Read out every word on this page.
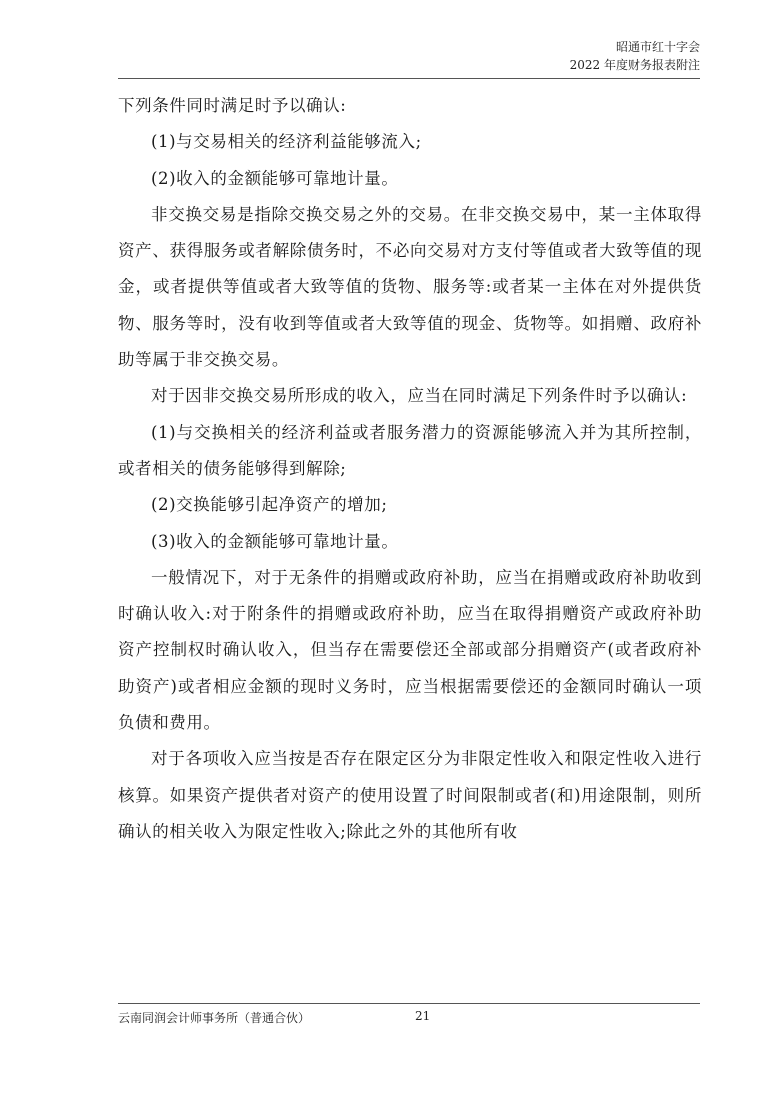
昭通市红十字会
2022 年度财务报表附注

下列条件同时满足时予以确认:

(1)与交易相关的经济利益能够流入;

(2)收入的金额能够可靠地计量。

非交换交易是指除交换交易之外的交易。在非交换交易中，某一主体取得资产、获得服务或者解除债务时，不必向交易对方支付等值或者大致等值的现金，或者提供等值或者大致等值的货物、服务等:或者某一主体在对外提供货物、服务等时，没有收到等值或者大致等值的现金、货物等。如捐赠、政府补助等属于非交换交易。

对于因非交换交易所形成的收入，应当在同时满足下列条件时予以确认:

(1)与交换相关的经济利益或者服务潜力的资源能够流入并为其所控制，或者相关的债务能够得到解除;

(2)交换能够引起净资产的增加;

(3)收入的金额能够可靠地计量。

一般情况下，对于无条件的捐赠或政府补助，应当在捐赠或政府补助收到时确认收入:对于附条件的捐赠或政府补助，应当在取得捐赠资产或政府补助资产控制权时确认收入，但当存在需要偿还全部或部分捐赠资产(或者政府补助资产)或者相应金额的现时义务时，应当根据需要偿还的金额同时确认一项负债和费用。

对于各项收入应当按是否存在限定区分为非限定性收入和限定性收入进行核算。如果资产提供者对资产的使用设置了时间限制或者(和)用途限制，则所确认的相关收入为限定性收入;除此之外的其他所有收

云南同润会计师事务所（普通合伙）	21
